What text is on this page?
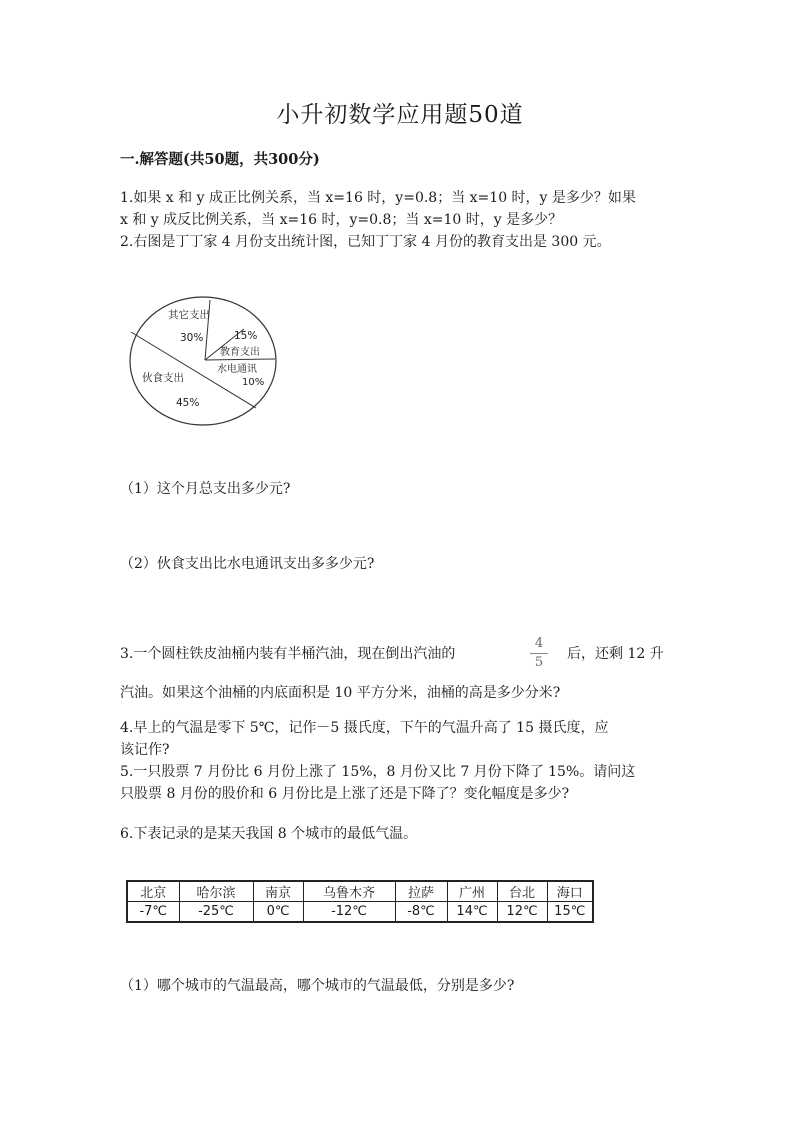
小升初数学应用题50道
一.解答题(共50题，共300分)
1.如果 x 和 y 成正比例关系，当 x=16 时，y=0.8；当 x=10 时，y 是多少？如果
x 和 y 成反比例关系，当 x=16 时，y=0.8；当 x=10 时，y 是多少？
2.右图是丁丁家 4 月份支出统计图，已知丁丁家 4 月份的教育支出是 300 元。
其它支出
30%	15%
教育支出
水电通讯
10%
伙食支出
45%
（1）这个月总支出多少元?
（2）伙食支出比水电通讯支出多多少元?
3.一个圆柱铁皮油桶内装有半桶汽油，现在倒出汽油的
4
5
后，还剩 12 升
汽油。如果这个油桶的内底面积是 10 平方分米，油桶的高是多少分米?
4.早上的气温是零下 5℃，记作－5 摄氏度，下午的气温升高了 15 摄氏度，应
该记作?
5.一只股票 7 月份比 6 月份上涨了 15%，8 月份又比 7 月份下降了 15%。请问这
只股票 8 月份的股价和 6 月份比是上涨了还是下降了？变化幅度是多少?
6.下表记录的是某天我国 8 个城市的最低气温。
北京	哈尔滨	南京	乌鲁木齐	拉萨	广州	台北	海口
-7℃	-25℃	0℃	-12℃	-8℃	14℃	12℃	15℃
（1）哪个城市的气温最高，哪个城市的气温最低，分别是多少?
